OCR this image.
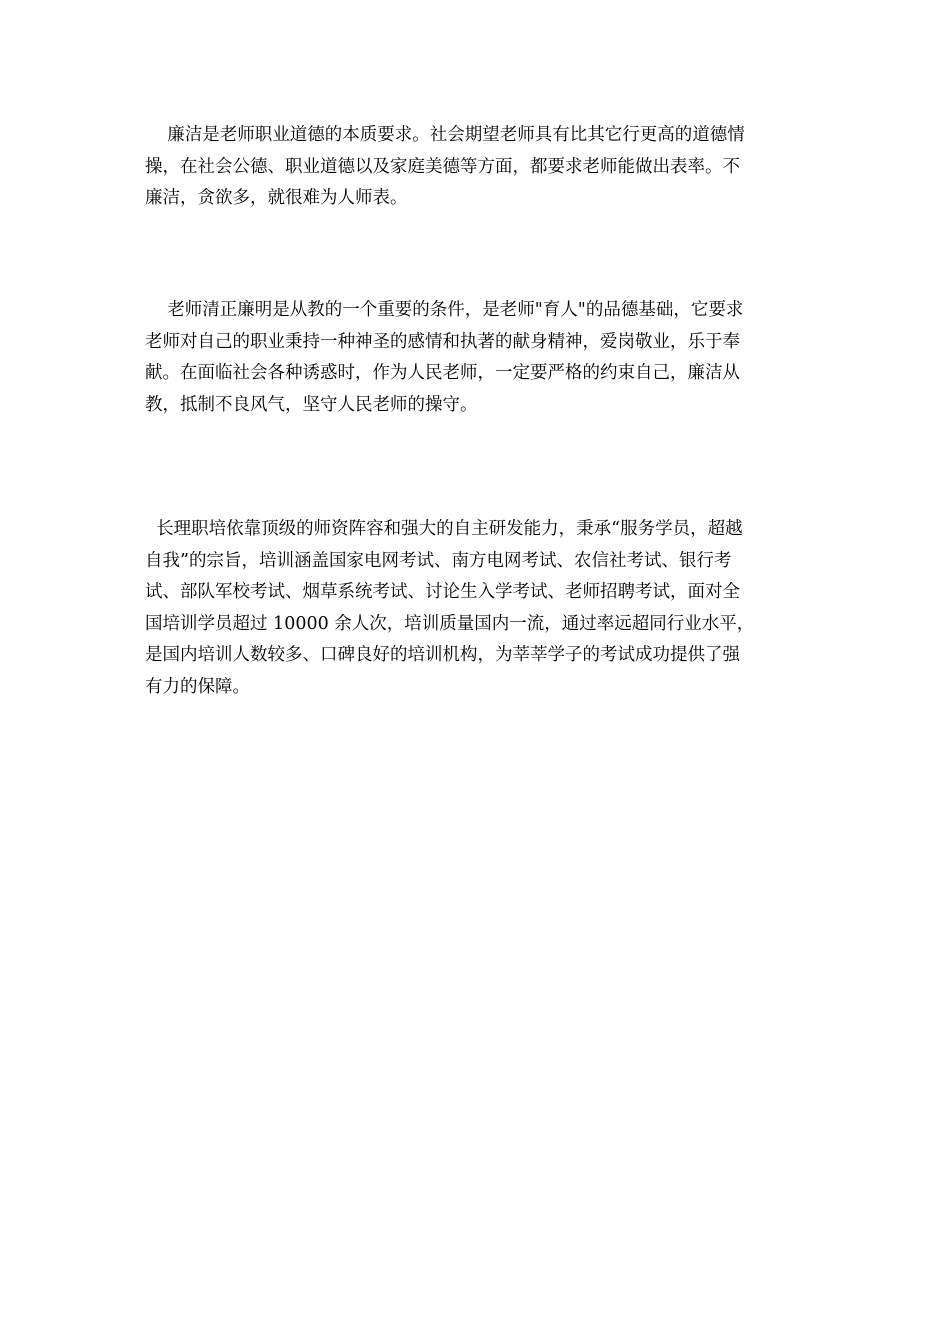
廉洁是老师职业道德的本质要求。社会期望老师具有比其它行更高的道德情
操，在社会公德、职业道德以及家庭美德等方面，都要求老师能做出表率。不
廉洁，贪欲多，就很难为人师表。

老师清正廉明是从教的一个重要的条件，是老师"育人"的品德基础，它要求
老师对自己的职业秉持一种神圣的感情和执著的献身精神，爱岗敬业，乐于奉
献。在面临社会各种诱惑时，作为人民老师，一定要严格的约束自己，廉洁从
教，抵制不良风气，坚守人民老师的操守。

长理职培依靠顶级的师资阵容和强大的自主研发能力，秉承“服务学员，超越
自我”的宗旨，培训涵盖国家电网考试、南方电网考试、农信社考试、银行考
试、部队军校考试、烟草系统考试、讨论生入学考试、老师招聘考试，面对全
国培训学员超过 10000 余人次，培训质量国内一流，通过率远超同行业水平，
是国内培训人数较多、口碑良好的培训机构，为莘莘学子的考试成功提供了强
有力的保障。
